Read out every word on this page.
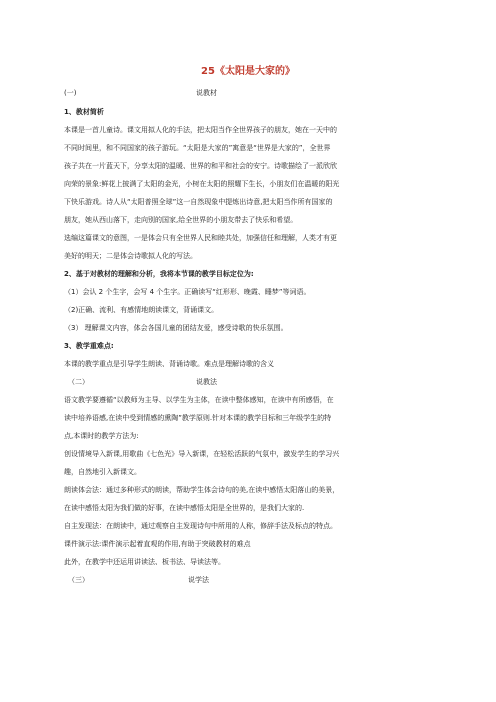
25《太阳是大家的》
(一)	说教材
1、教材简析
本课是一首儿童诗。课文用拟人化的手法，把太阳当作全世界孩子的朋友，她在一天中的
不同时间里，和不同国家的孩子游玩。“太阳是大家的”寓意是“世界是大家的”，全世界
孩子共在一片蓝天下，分享太阳的温暖、世界的和平和社会的安宁。诗歌描绘了一派欣欣
向荣的景象:鲜花上披满了太阳的金光，小树在太阳的照耀下生长，小朋友们在温暖的阳光
下快乐游戏。诗人从“太阳普照全球”这一自然现象中提炼出诗意,把太阳当作所有国家的
朋友，她从西山落下，走向别的国家,给全世界的小朋友带去了快乐和希望。
选编这篇课文的意图，一是体会只有全世界人民和睦共处，加强信任和理解，人类才有更
美好的明天；二是体会诗歌拟人化的写法。
2、基于对教材的理解和分析，我将本节课的教学目标定位为:
（1）会认 2 个生字，会写 4 个生字。正确读写“红形形、晚霞、睡梦”等词语。
（2)正确、流利、有感情地朗读课文，背诵课文。
（3） 理解课文内容，体会各国儿童的团结友爱，感受诗歌的快乐氛围。
3、教学重难点:
本课的教学重点是引导学生朗读、背诵诗歌。难点是理解诗歌的含义
（二）	说教法
语文教学要遵循“以教师为主导、以学生为主体，在读中整体感知，在读中有所感悟，在
读中培养语感,在读中受到情感的熏陶”教学原则.针对本课的教学目标和三年级学生的特
点,本课时的教学方法为:
创设情境导入新课,用歌曲《七色光》导入新课，在轻松活跃的气氛中，激发学生的学习兴
趣，自然地引入新课文。
朗读体会法：通过多种形式的朗读，帮助学生体会诗句的美,在读中感悟太阳落山的美景，
在读中感悟太阳为我们做的好事，在读中感悟太阳是全世界的，是我们大家的.
自主发现法：在朗读中，通过观察自主发现诗句中所用的人称，修辞手法及标点的特点。
课件演示法:课件演示起着直观的作用,有助于突破教材的难点
此外，在教学中还运用讲读法、板书法、导读法等。
（三）	说学法
